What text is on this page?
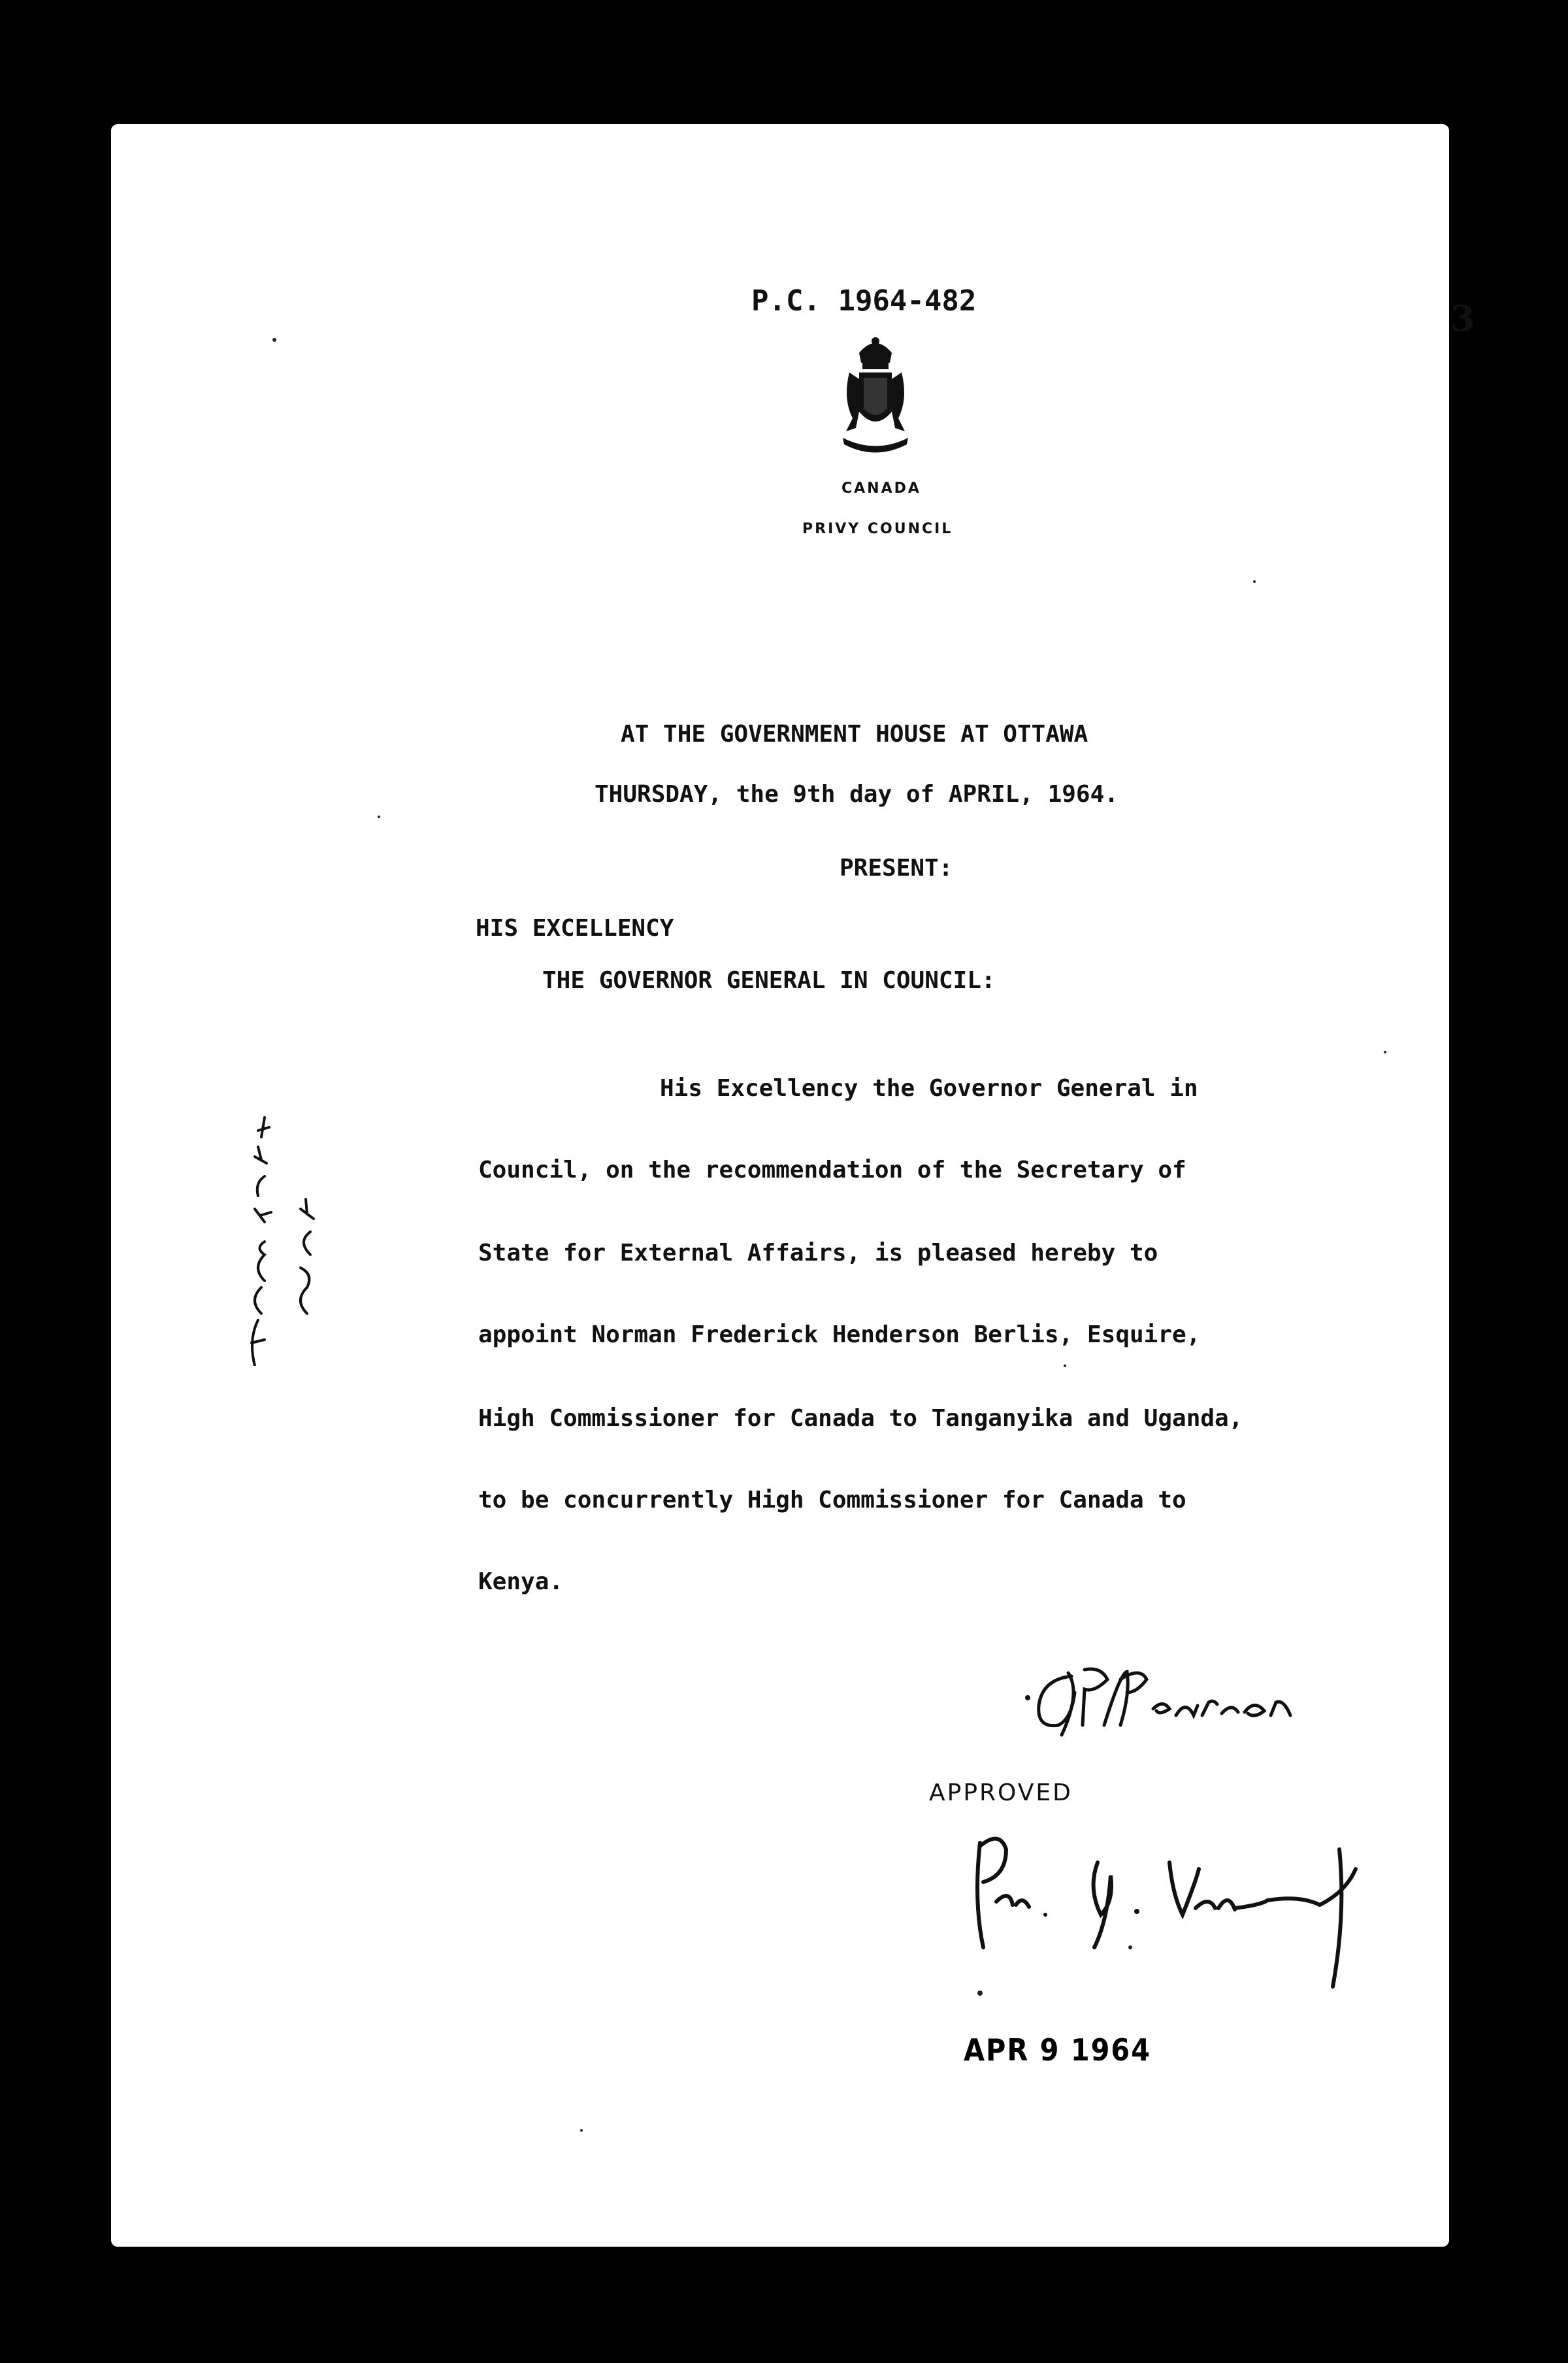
P.C. 1964-482	3
CANADA
PRIVY COUNCIL
AT THE GOVERNMENT HOUSE AT OTTAWA
THURSDAY, the 9th day of APRIL, 1964.
PRESENT:
HIS EXCELLENCY
THE GOVERNOR GENERAL IN COUNCIL:
His Excellency the Governor General in
Council, on the recommendation of the Secretary of
State for External Affairs, is pleased hereby to
appoint Norman Frederick Henderson Berlis, Esquire,
High Commissioner for Canada to Tanganyika and Uganda,
to be concurrently High Commissioner for Canada to
Kenya.
APPROVED
APR 9 1964
